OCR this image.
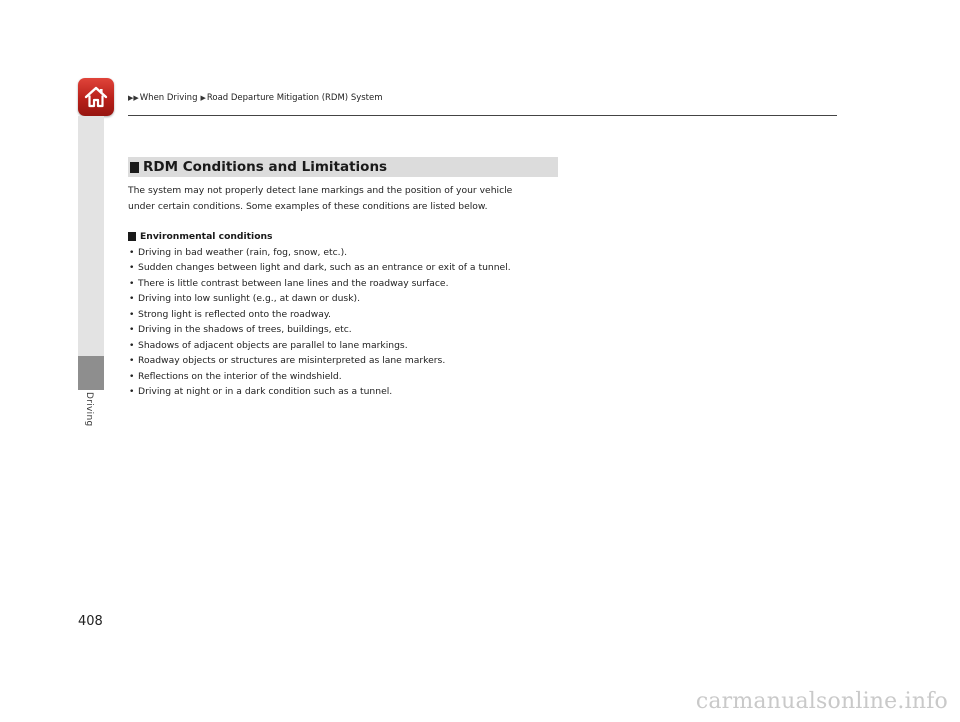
▶▶ When Driving ▶ Road Departure Mitigation (RDM) System
Driving
RDM Conditions and Limitations

The system may not properly detect lane markings and the position of your vehicle
under certain conditions. Some examples of these conditions are listed below.

Environmental conditions
• Driving in bad weather (rain, fog, snow, etc.).
• Sudden changes between light and dark, such as an entrance or exit of a tunnel.
• There is little contrast between lane lines and the roadway surface.
• Driving into low sunlight (e.g., at dawn or dusk).
• Strong light is reflected onto the roadway.
• Driving in the shadows of trees, buildings, etc.
• Shadows of adjacent objects are parallel to lane markings.
• Roadway objects or structures are misinterpreted as lane markers.
• Reflections on the interior of the windshield.
• Driving at night or in a dark condition such as a tunnel.
408
carmanualsonline.info
